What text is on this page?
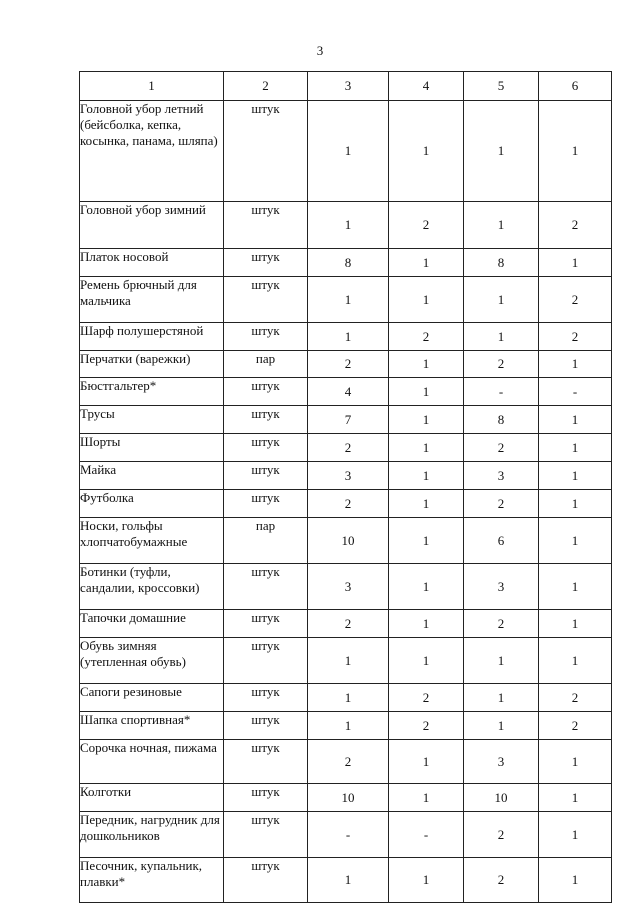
3
1	2	3	4	5	6
Головной убор летний (бейсболка, кепка, косынка, панама, шляпа)	штук	1	1	1	1
Головной убор зимний	штук	1	2	1	2
Платок носовой	штук	8	1	8	1
Ремень брючный для мальчика	штук	1	1	1	2
Шарф полушерстяной	штук	1	2	1	2
Перчатки (варежки)	пар	2	1	2	1
Бюстгальтер*	штук	4	1	-	-
Трусы	штук	7	1	8	1
Шорты	штук	2	1	2	1
Майка	штук	3	1	3	1
Футболка	штук	2	1	2	1
Носки, гольфы хлопчатобумажные	пар	10	1	6	1
Ботинки (туфли, сандалии, кроссовки)	штук	3	1	3	1
Тапочки домашние	штук	2	1	2	1
Обувь зимняя (утепленная обувь)	штук	1	1	1	1
Сапоги резиновые	штук	1	2	1	2
Шапка спортивная*	штук	1	2	1	2
Сорочка ночная, пижама	штук	2	1	3	1
Колготки	штук	10	1	10	1
Передник, нагрудник для дошкольников	штук	-	-	2	1
Песочник, купальник, плавки*	штук	1	1	2	1
